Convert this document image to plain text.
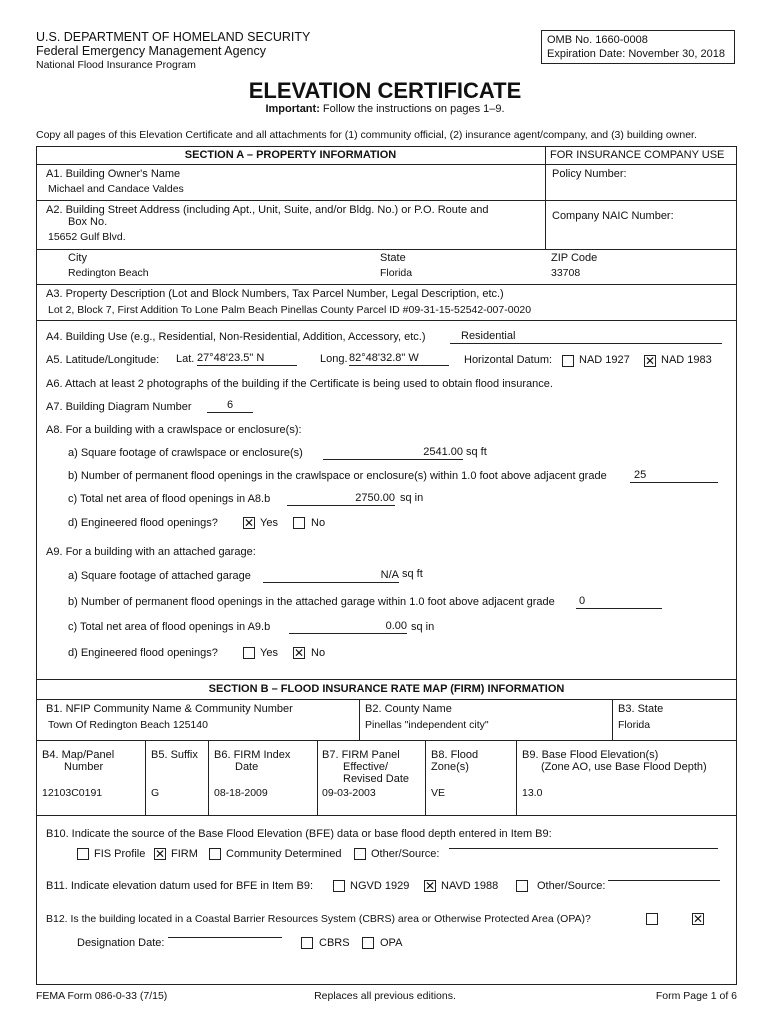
U.S. DEPARTMENT OF HOMELAND SECURITY
Federal Emergency Management Agency
National Flood Insurance Program
OMB No. 1660-0008
Expiration Date: November 30, 2018
ELEVATION CERTIFICATE
Important: Follow the instructions on pages 1–9.
Copy all pages of this Elevation Certificate and all attachments for (1) community official, (2) insurance agent/company, and (3) building owner.
SECTION A – PROPERTY INFORMATION	FOR INSURANCE COMPANY USE
A1. Building Owner's Name
Michael and Candace Valdes
Policy Number:
A2. Building Street Address (including Apt., Unit, Suite, and/or Bldg. No.) or P.O. Route and
Box No.
15652 Gulf Blvd.
Company NAIC Number:
City
Redington Beach
State
Florida
ZIP Code
33708
A3. Property Description (Lot and Block Numbers, Tax Parcel Number, Legal Description, etc.)
Lot 2, Block 7, First Addition To Lone Palm Beach Pinellas County Parcel ID #09-31-15-52542-007-0020
A4. Building Use (e.g., Residential, Non-Residential, Addition, Accessory, etc.)	Residential
A5. Latitude/Longitude: Lat. 27°48'23.5" N	Long. 82°48'32.8" W	Horizontal Datum: NAD 1927 ✕ NAD 1983
A6. Attach at least 2 photographs of the building if the Certificate is being used to obtain flood insurance.
A7. Building Diagram Number	6
A8. For a building with a crawlspace or enclosure(s):
a) Square footage of crawlspace or enclosure(s)	2541.00 sq ft
b) Number of permanent flood openings in the crawlspace or enclosure(s) within 1.0 foot above adjacent grade	25
c) Total net area of flood openings in A8.b	2750.00 sq in
d) Engineered flood openings? ✕ Yes	No
A9. For a building with an attached garage:
a) Square footage of attached garage	N/A sq ft
b) Number of permanent flood openings in the attached garage within 1.0 foot above adjacent grade 0
c) Total net area of flood openings in A9.b	0.00 sq in
d) Engineered flood openings?	Yes ✕ No
SECTION B – FLOOD INSURANCE RATE MAP (FIRM) INFORMATION
B1. NFIP Community Name & Community Number
Town Of Redington Beach 125140
B2. County Name
Pinellas "independent city"
B3. State
Florida
B4. Map/Panel
Number
12103C0191
B5. Suffix
G
B6. FIRM Index
Date
08-18-2009
B7. FIRM Panel
Effective/
Revised Date
09-03-2003
B8. Flood
Zone(s)
VE
B9. Base Flood Elevation(s)
(Zone AO, use Base Flood Depth)
13.0
B10. Indicate the source of the Base Flood Elevation (BFE) data or base flood depth entered in Item B9:
FIS Profile ✕ FIRM	Community Determined	Other/Source:
B11. Indicate elevation datum used for BFE in Item B9:	NGVD 1929 ✕ NAVD 1988	Other/Source:
B12. Is the building located in a Coastal Barrier Resources System (CBRS) area or Otherwise Protected Area (OPA)?	✕
Designation Date:	CBRS	OPA
FEMA Form 086-0-33 (7/15)	Replaces all previous editions.	Form Page 1 of 6
